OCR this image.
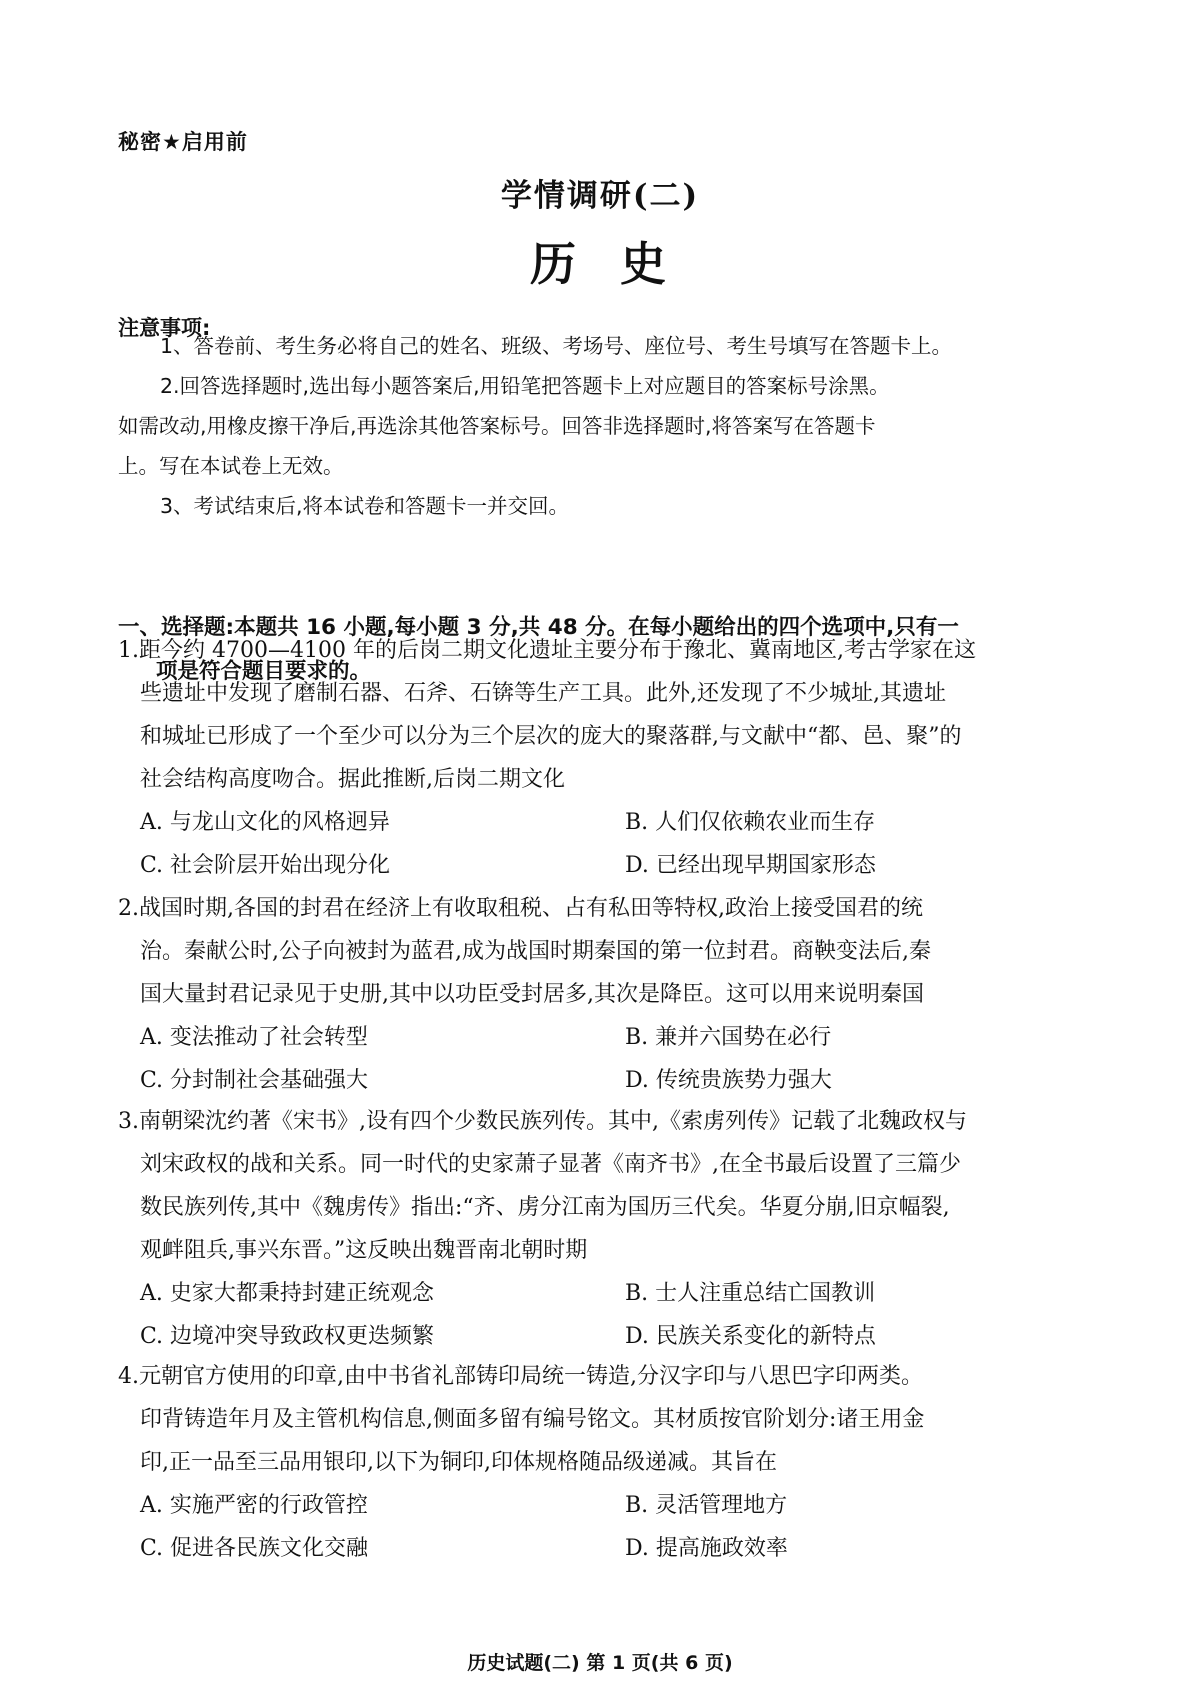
秘密★启用前
学情调研(二)
历史
注意事项:
1、答卷前、考生务必将自己的姓名、班级、考场号、座位号、考生号填写在答题卡上。
2.回答选择题时,选出每小题答案后,用铅笔把答题卡上对应题目的答案标号涂黑。
如需改动,用橡皮擦干净后,再选涂其他答案标号。回答非选择题时,将答案写在答题卡
上。写在本试卷上无效。
3、考试结束后,将本试卷和答题卡一并交回。
一、选择题:本题共 16 小题,每小题 3 分,共 48 分。在每小题给出的四个选项中,只有一
项是符合题目要求的。
1.距今约 4700—4100 年的后岗二期文化遗址主要分布于豫北、冀南地区,考古学家在这
些遗址中发现了磨制石器、石斧、石锛等生产工具。此外,还发现了不少城址,其遗址
和城址已形成了一个至少可以分为三个层次的庞大的聚落群,与文献中“都、邑、聚”的
社会结构高度吻合。据此推断,后岗二期文化
A. 与龙山文化的风格迥异	B. 人们仅依赖农业而生存
C. 社会阶层开始出现分化	D. 已经出现早期国家形态
2.战国时期,各国的封君在经济上有收取租税、占有私田等特权,政治上接受国君的统
治。秦献公时,公子向被封为蓝君,成为战国时期秦国的第一位封君。商鞅变法后,秦
国大量封君记录见于史册,其中以功臣受封居多,其次是降臣。这可以用来说明秦国
A. 变法推动了社会转型	B. 兼并六国势在必行
C. 分封制社会基础强大	D. 传统贵族势力强大
3.南朝梁沈约著《宋书》,设有四个少数民族列传。其中,《索虏列传》记载了北魏政权与
刘宋政权的战和关系。同一时代的史家萧子显著《南齐书》,在全书最后设置了三篇少
数民族列传,其中《魏虏传》指出:“齐、虏分江南为国历三代矣。华夏分崩,旧京幅裂,
观衅阻兵,事兴东晋。”这反映出魏晋南北朝时期
A. 史家大都秉持封建正统观念	B. 士人注重总结亡国教训
C. 边境冲突导致政权更迭频繁	D. 民族关系变化的新特点
4.元朝官方使用的印章,由中书省礼部铸印局统一铸造,分汉字印与八思巴字印两类。
印背铸造年月及主管机构信息,侧面多留有编号铭文。其材质按官阶划分:诸王用金
印,正一品至三品用银印,以下为铜印,印体规格随品级递减。其旨在
A. 实施严密的行政管控	B. 灵活管理地方
C. 促进各民族文化交融	D. 提高施政效率
历史试题(二) 第 1 页(共 6 页)
